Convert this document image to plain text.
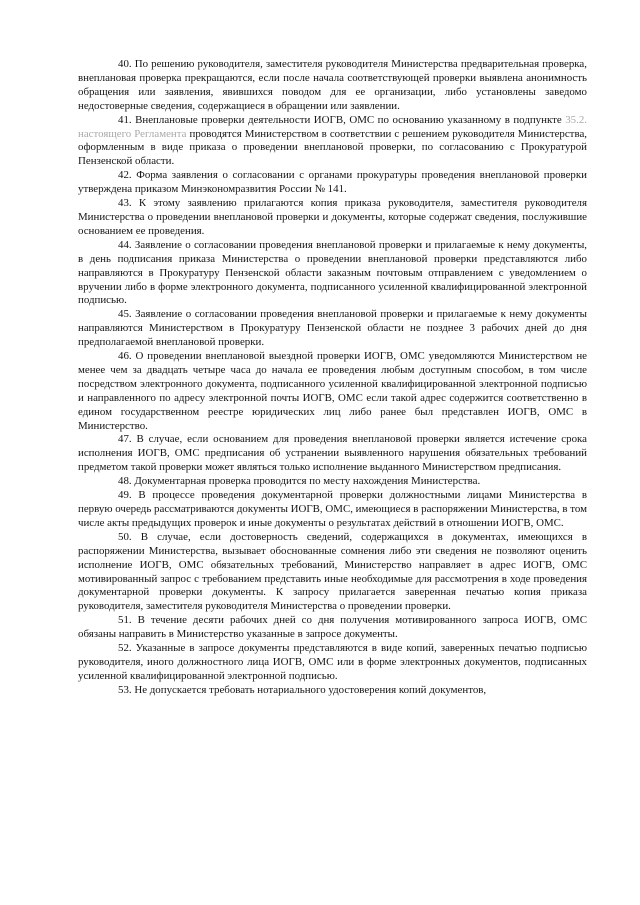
40. По решению руководителя, заместителя руководителя Министерства предварительная проверка, внеплановая проверка прекращаются, если после начала соответствующей проверки выявлена анонимность обращения или заявления, явившихся поводом для ее организации, либо установлены заведомо недостоверные сведения, содержащиеся в обращении или заявлении.

41. Внеплановые проверки деятельности ИОГВ, ОМС по основанию указанному в подпункте 35.2. настоящего Регламента проводятся Министерством в соответствии с решением руководителя Министерства, оформленным в виде приказа о проведении внеплановой проверки, по согласованию с Прокуратурой Пензенской области.

42. Форма заявления о согласовании с органами прокуратуры проведения внеплановой проверки утверждена приказом Минэкономразвития России № 141.

43. К этому заявлению прилагаются копия приказа руководителя, заместителя руководителя Министерства о проведении внеплановой проверки и документы, которые содержат сведения, послужившие основанием ее проведения.

44. Заявление о согласовании проведения внеплановой проверки и прилагаемые к нему документы, в день подписания приказа Министерства о проведении внеплановой проверки представляются либо направляются в Прокуратуру Пензенской области заказным почтовым отправлением с уведомлением о вручении либо в форме электронного документа, подписанного усиленной квалифицированной электронной подписью.

45. Заявление о согласовании проведения внеплановой проверки и прилагаемые к нему документы направляются Министерством в Прокуратуру Пензенской области не позднее 3 рабочих дней до дня предполагаемой внеплановой проверки.

46. О проведении внеплановой выездной проверки ИОГВ, ОМС уведомляются Министерством не менее чем за двадцать четыре часа до начала ее проведения любым доступным способом, в том числе посредством электронного документа, подписанного усиленной квалифицированной электронной подписью и направленного по адресу электронной почты ИОГВ, ОМС если такой адрес содержится соответственно в едином государственном реестре юридических лиц либо ранее был представлен ИОГВ, ОМС в Министерство.

47. В случае, если основанием для проведения внеплановой проверки является истечение срока исполнения ИОГВ, ОМС предписания об устранении выявленного нарушения обязательных требований предметом такой проверки может являться только исполнение выданного Министерством предписания.

48. Документарная проверка проводится по месту нахождения Министерства.

49. В процессе проведения документарной проверки должностными лицами Министерства в первую очередь рассматриваются документы ИОГВ, ОМС, имеющиеся в распоряжении Министерства, в том числе акты предыдущих проверок и иные документы о результатах действий в отношении ИОГВ, ОМС.

50. В случае, если достоверность сведений, содержащихся в документах, имеющихся в распоряжении Министерства, вызывает обоснованные сомнения либо эти сведения не позволяют оценить исполнение ИОГВ, ОМС обязательных требований, Министерство направляет в адрес ИОГВ, ОМС мотивированный запрос с требованием представить иные необходимые для рассмотрения в ходе проведения документарной проверки документы. К запросу прилагается заверенная печатью копия приказа руководителя, заместителя руководителя Министерства о проведении проверки.

51. В течение десяти рабочих дней со дня получения мотивированного запроса ИОГВ, ОМС обязаны направить в Министерство указанные в запросе документы.

52. Указанные в запросе документы представляются в виде копий, заверенных печатью подписью руководителя, иного должностного лица ИОГВ, ОМС или в форме электронных документов, подписанных усиленной квалифицированной электронной подписью.

53. Не допускается требовать нотариального удостоверения копий документов,
